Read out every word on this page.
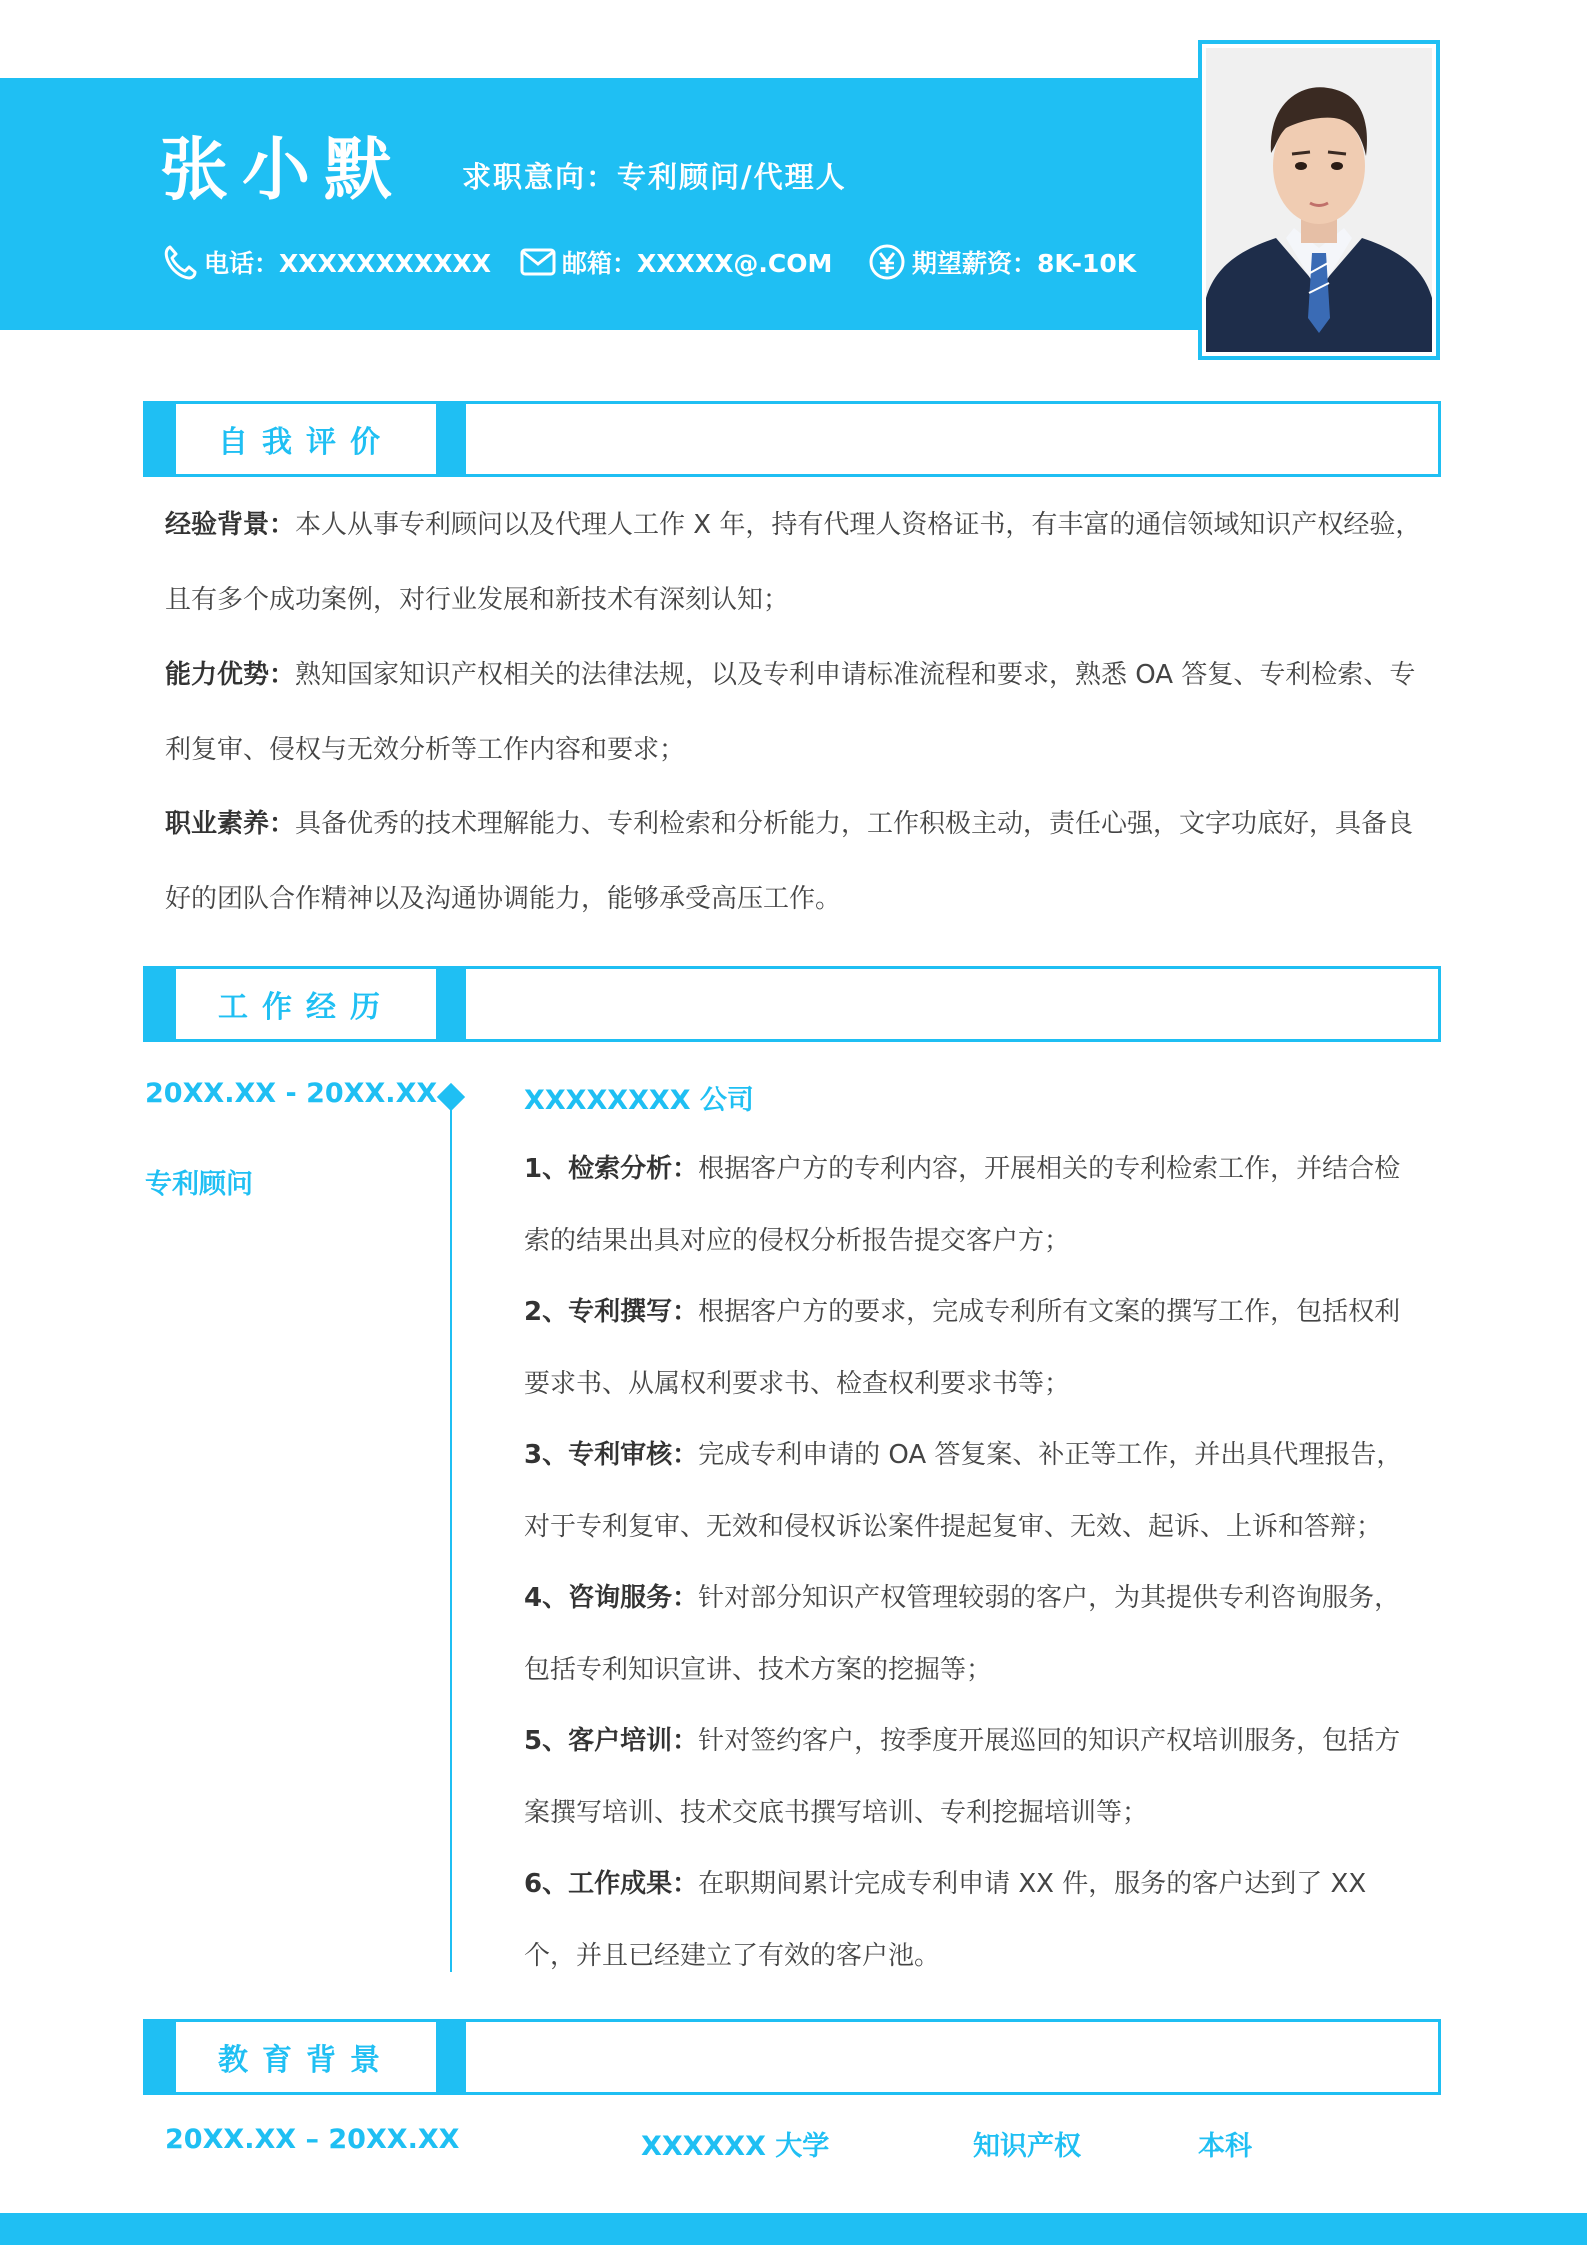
张小默 求职意向：专利顾问/代理人
电话：XXXXXXXXXXX	邮箱：XXXXX@.COM	期望薪资：8K-10K
自我评价
经验背景：本人从事专利顾问以及代理人工作 X 年，持有代理人资格证书，有丰富的通信领域知识产权经验，且有多个成功案例，对行业发展和新技术有深刻认知；
能力优势：熟知国家知识产权相关的法律法规，以及专利申请标准流程和要求，熟悉 OA 答复、专利检索、专利复审、侵权与无效分析等工作内容和要求；
职业素养：具备优秀的技术理解能力、专利检索和分析能力，工作积极主动，责任心强，文字功底好，具备良好的团队合作精神以及沟通协调能力，能够承受高压工作。
工作经历
20XX.XX - 20XX.XX
专利顾问
XXXXXXXX 公司
1、检索分析：根据客户方的专利内容，开展相关的专利检索工作，并结合检索的结果出具对应的侵权分析报告提交客户方；
2、专利撰写：根据客户方的要求，完成专利所有文案的撰写工作，包括权利要求书、从属权利要求书、检查权利要求书等；
3、专利审核：完成专利申请的 OA 答复案、补正等工作，并出具代理报告，对于专利复审、无效和侵权诉讼案件提起复审、无效、起诉、上诉和答辩；
4、咨询服务：针对部分知识产权管理较弱的客户，为其提供专利咨询服务，包括专利知识宣讲、技术方案的挖掘等；
5、客户培训：针对签约客户，按季度开展巡回的知识产权培训服务，包括方案撰写培训、技术交底书撰写培训、专利挖掘培训等；
6、工作成果：在职期间累计完成专利申请 XX 件，服务的客户达到了 XX 个，并且已经建立了有效的客户池。
教育背景
20XX.XX – 20XX.XX	XXXXXX 大学	知识产权	本科
